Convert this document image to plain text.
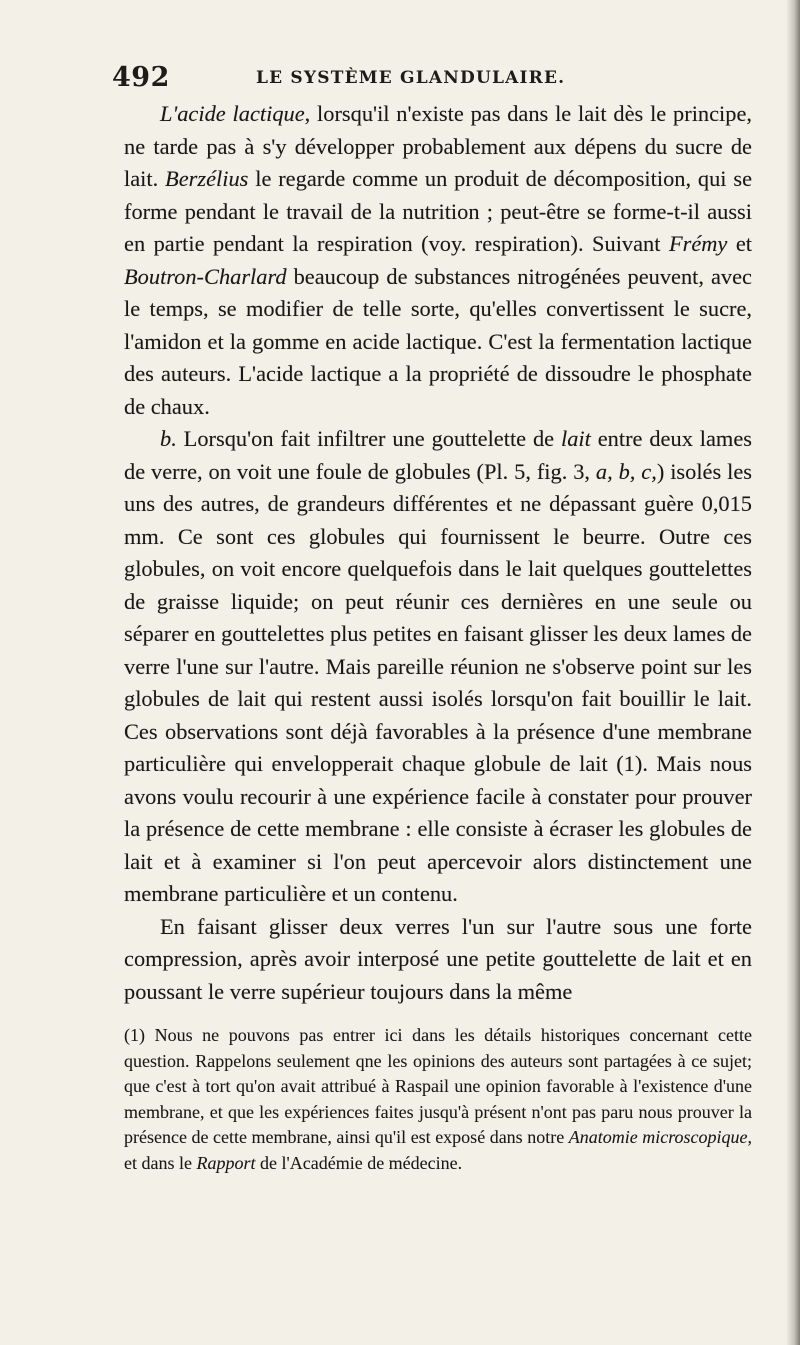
492	LE SYSTÈME GLANDULAIRE.

L'acide lactique, lorsqu'il n'existe pas dans le lait dès le principe, ne tarde pas à s'y développer probablement aux dépens du sucre de lait. Berzélius le regarde comme un produit de décomposition, qui se forme pendant le travail de la nutrition ; peut-être se forme-t-il aussi en partie pendant la respiration (voy. respiration). Suivant Frémy et Boutron-Charlard beaucoup de substances nitrogénées peuvent, avec le temps, se modifier de telle sorte, qu'elles convertissent le sucre, l'amidon et la gomme en acide lactique. C'est la fermentation lactique des auteurs. L'acide lactique a la propriété de dissoudre le phosphate de chaux.

b. Lorsqu'on fait infiltrer une gouttelette de lait entre deux lames de verre, on voit une foule de globules (Pl. 5, fig. 3, a, b, c,) isolés les uns des autres, de grandeurs différentes et ne dépassant guère 0,015 mm. Ce sont ces globules qui fournissent le beurre. Outre ces globules, on voit encore quelquefois dans le lait quelques gouttelettes de graisse liquide; on peut réunir ces dernières en une seule ou séparer en gouttelettes plus petites en faisant glisser les deux lames de verre l'une sur l'autre. Mais pareille réunion ne s'observe point sur les globules de lait qui restent aussi isolés lorsqu'on fait bouillir le lait. Ces observations sont déjà favorables à la présence d'une membrane particulière qui envelopperait chaque globule de lait (1). Mais nous avons voulu recourir à une expérience facile à constater pour prouver la présence de cette membrane : elle consiste à écraser les globules de lait et à examiner si l'on peut apercevoir alors distinctement une membrane particulière et un contenu.

En faisant glisser deux verres l'un sur l'autre sous une forte compression, après avoir interposé une petite gouttelette de lait et en poussant le verre supérieur toujours dans la même

(1) Nous ne pouvons pas entrer ici dans les détails historiques concernant cette question. Rappelons seulement qne les opinions des auteurs sont partagées à ce sujet; que c'est à tort qu'on avait attribué à Raspail une opinion favorable à l'existence d'une membrane, et que les expériences faites jusqu'à présent n'ont pas paru nous prouver la présence de cette membrane, ainsi qu'il est exposé dans notre Anatomie microscopique, et dans le Rapport de l'Académie de médecine.
